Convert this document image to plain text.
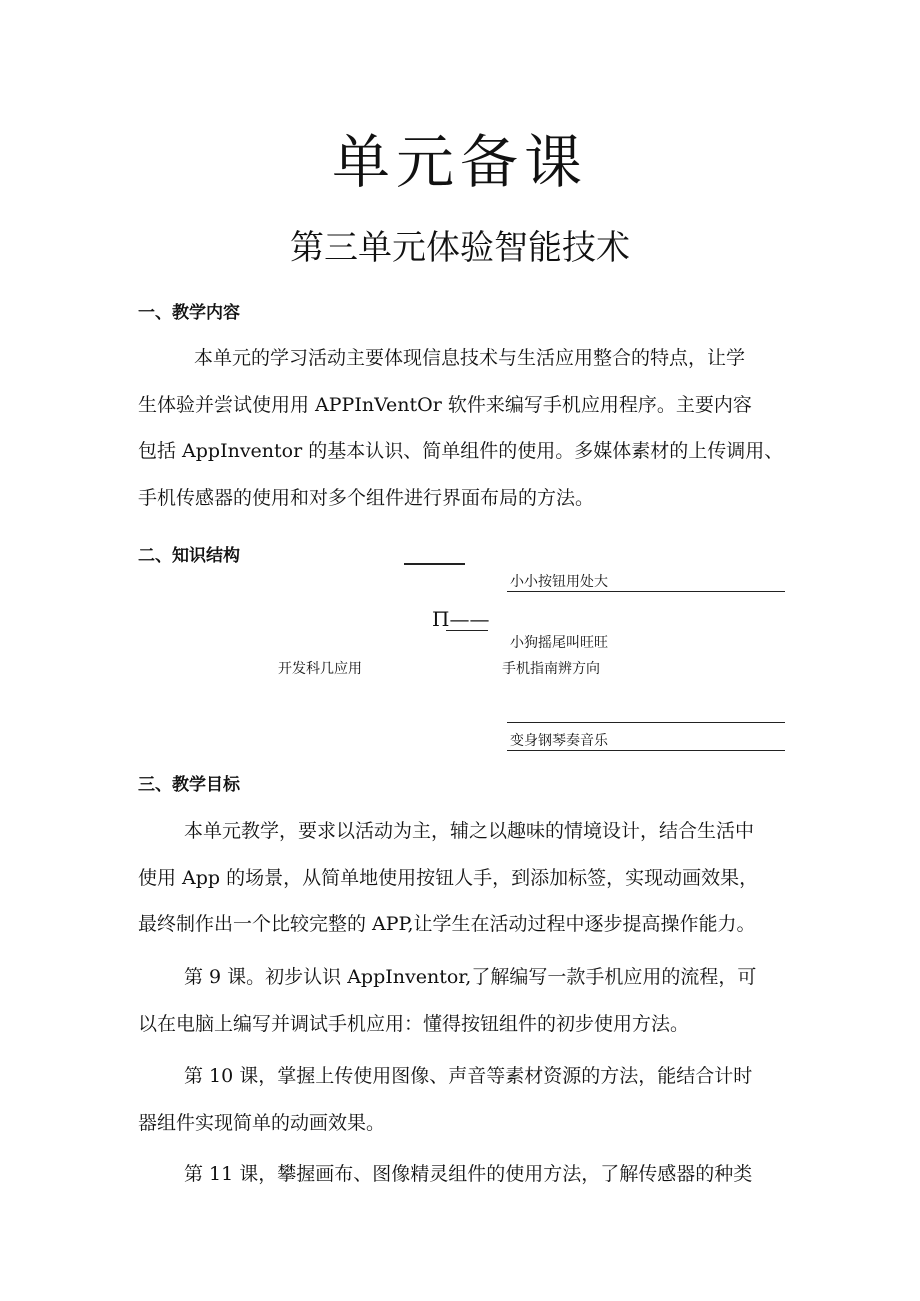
单元备课
第三单元体验智能技术
一、教学内容
本单元的学习活动主要体现信息技术与生活应用整合的特点，让学
生体验并尝试使用用 APPInVentOr 软件来编写手机应用程序。主要内容
包括 AppInventor 的基本认识、简单组件的使用。多媒体素材的上传调用、
手机传感器的使用和对多个组件进行界面布局的方法。
二、知识结构
小小按钮用处大
Π——
小狗摇尾叫旺旺
开发科几应用	手机指南辨方向
变身钢琴奏音乐
三、教学目标
本单元教学，要求以活动为主，辅之以趣味的情境设计，结合生活中
使用 App 的场景，从简单地使用按钮人手，到添加标签，实现动画效果，
最终制作出一个比较完整的 APP,让学生在活动过程中逐步提高操作能力。
第 9 课。初步认识 AppInventor,了解编写一款手机应用的流程，可
以在电脑上编写并调试手机应用：懂得按钮组件的初步使用方法。
第 10 课，掌握上传使用图像、声音等素材资源的方法，能结合计时
器组件实现简单的动画效果。
第 11 课，攀握画布、图像精灵组件的使用方法，了解传感器的种类
